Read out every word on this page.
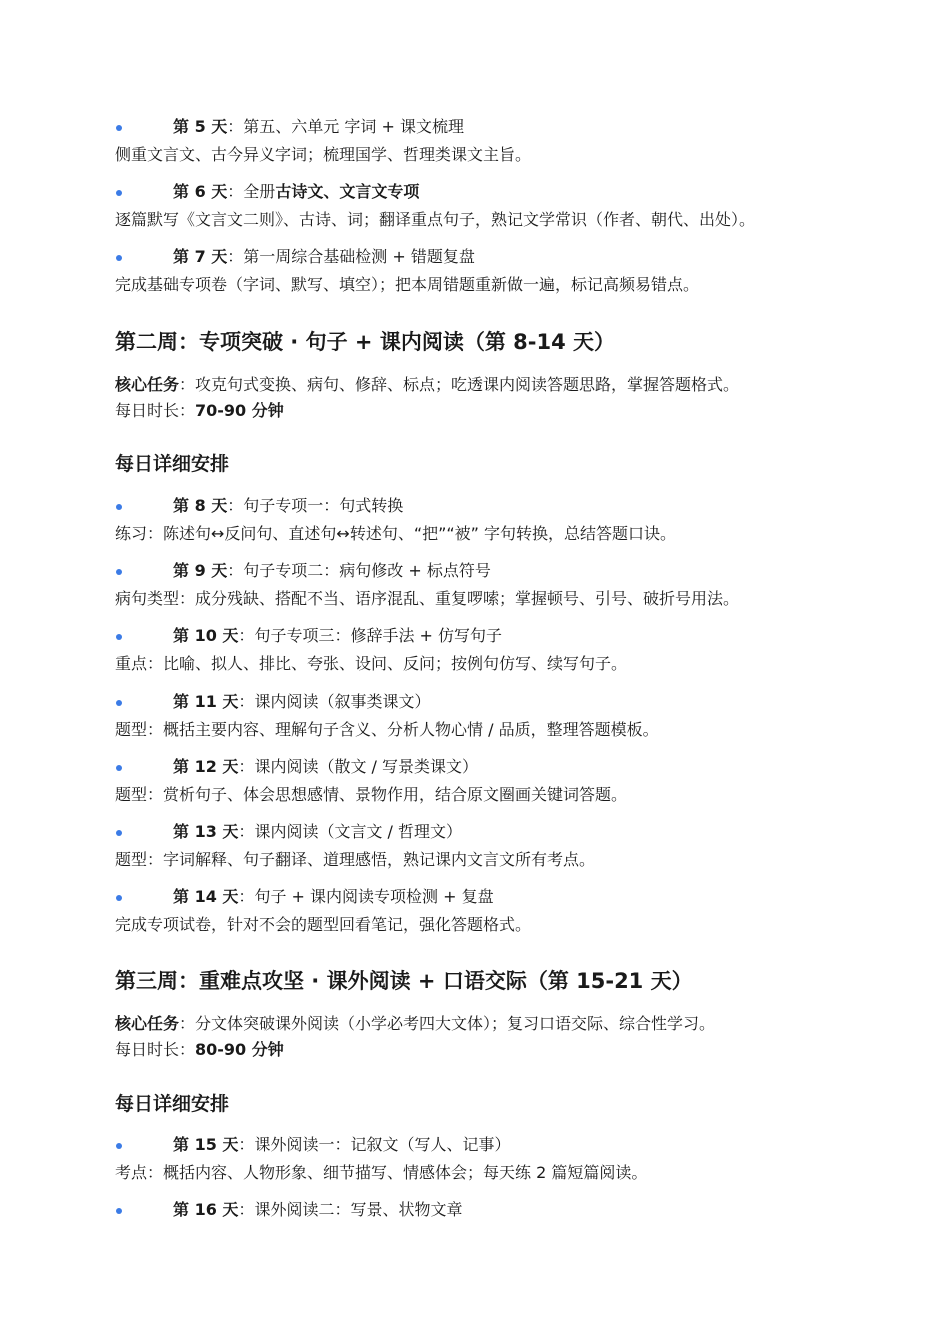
第 5 天：第五、六单元 字词 + 课文梳理
侧重文言文、古今异义字词；梳理国学、哲理类课文主旨。
第 6 天：全册古诗文、文言文专项
逐篇默写《文言文二则》、古诗、词；翻译重点句子，熟记文学常识（作者、朝代、出处）。
第 7 天：第一周综合基础检测 + 错题复盘
完成基础专项卷（字词、默写、填空）；把本周错题重新做一遍，标记高频易错点。
第二周：专项突破 · 句子 + 课内阅读（第 8-14 天）
核心任务：攻克句式变换、病句、修辞、标点；吃透课内阅读答题思路，掌握答题格式。
每日时长：70-90 分钟
每日详细安排
第 8 天：句子专项一：句式转换
练习：陈述句↔反问句、直述句↔转述句、“把”“被” 字句转换，总结答题口诀。
第 9 天：句子专项二：病句修改 + 标点符号
病句类型：成分残缺、搭配不当、语序混乱、重复啰嗦；掌握顿号、引号、破折号用法。
第 10 天：句子专项三：修辞手法 + 仿写句子
重点：比喻、拟人、排比、夸张、设问、反问；按例句仿写、续写句子。
第 11 天：课内阅读（叙事类课文）
题型：概括主要内容、理解句子含义、分析人物心情 / 品质，整理答题模板。
第 12 天：课内阅读（散文 / 写景类课文）
题型：赏析句子、体会思想感情、景物作用，结合原文圈画关键词答题。
第 13 天：课内阅读（文言文 / 哲理文）
题型：字词解释、句子翻译、道理感悟，熟记课内文言文所有考点。
第 14 天：句子 + 课内阅读专项检测 + 复盘
完成专项试卷，针对不会的题型回看笔记，强化答题格式。
第三周：重难点攻坚 · 课外阅读 + 口语交际（第 15-21 天）
核心任务：分文体突破课外阅读（小学必考四大文体）；复习口语交际、综合性学习。
每日时长：80-90 分钟
每日详细安排
第 15 天：课外阅读一：记叙文（写人、记事）
考点：概括内容、人物形象、细节描写、情感体会；每天练 2 篇短篇阅读。
第 16 天：课外阅读二：写景、状物文章
